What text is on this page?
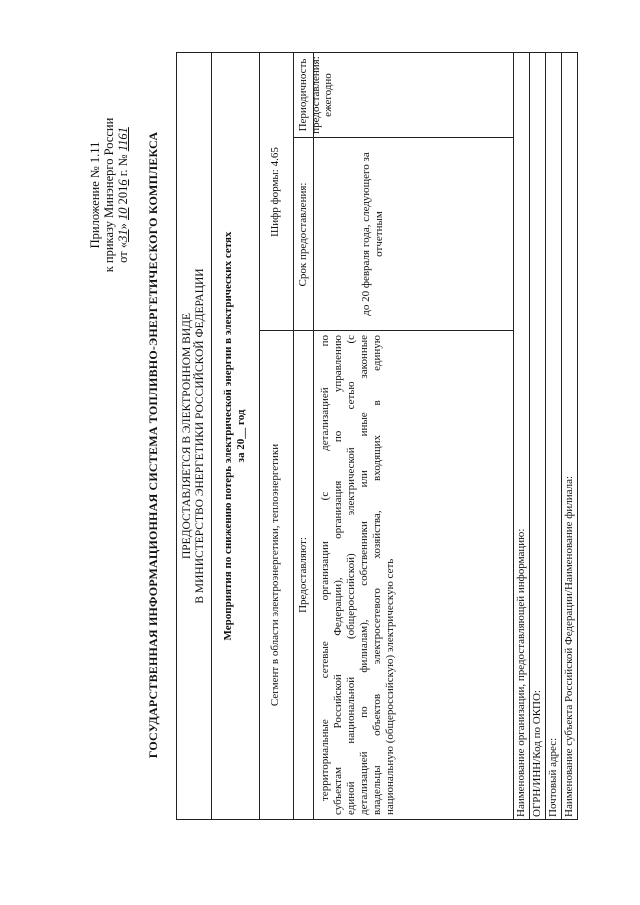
Приложение № 1.11 к приказу Минэнерго России от «31» 10 2016 г. № 1161 ГОСУДАРСТВЕННАЯ ИНФОРМАЦИОННАЯ СИСТЕМА ТОПЛИВНО-ЭНЕРГЕТИЧЕСКОГО КОМПЛЕКСА ПРЕДОСТАВЛЯЕТСЯ В ЭЛЕКТРОННОМ ВИДЕ В МИНИСТЕРСТВО ЭНЕРГЕТИКИ РОССИЙСКОЙ ФЕДЕРАЦИИ Мероприятия по снижению потерь электрической энергии в электрических сетях за 20__ год
Сегмент в области электроэнергетики, теплоэнергетики
Шифр формы: 4.65
Предоставляют:
Срок предоставления:
Периодичность предоставления:
территориальные сетевые организации (с детализацией по субъектам Российской Федерации), организация по управлению единой национальной (общероссийской) электрической сетью (с детализацией по филиалам), собственники или иные законные владельцы объектов электросетевого хозяйства, входящих в единую национальную (общероссийскую) электрическую сеть
до 20 февраля года, следующего за отчетным
ежегодно
Наименование организации, предоставляющей информацию: ОГРН/ИНН/Код по ОКПО: Почтовый адрес: Наименование субъекта Российской Федерации/Наименование филиала:
